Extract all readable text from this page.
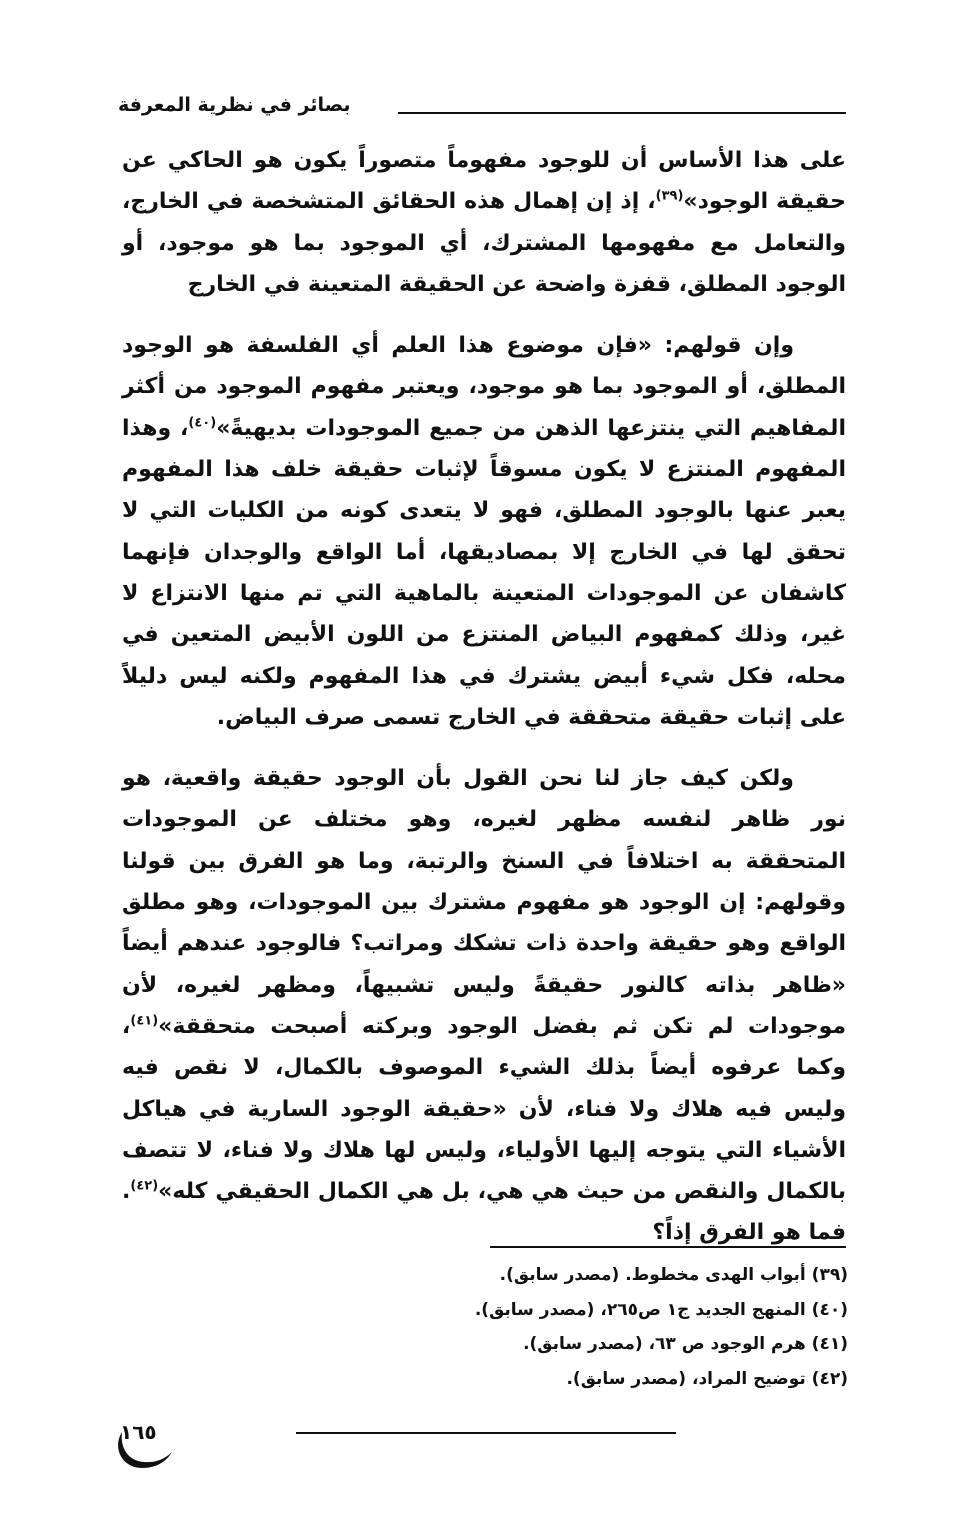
بصائر في نظرية المعرفة

على هذا الأساس أن للوجود مفهوماً متصوراً يكون هو الحاكي عن حقيقة الوجود»$^{(٣٩)}$، إذ إن إهمال هذه الحقائق المتشخصة في الخارج، والتعامل مع مفهومها المشترك، أي الموجود بما هو موجود، أو الوجود المطلق، قفزة واضحة عن الحقيقة المتعينة في الخارج

وإن قولهم: «فإن موضوع هذا العلم أي الفلسفة هو الوجود المطلق، أو الموجود بما هو موجود، ويعتبر مفهوم الموجود من أكثر المفاهيم التي ينتزعها الذهن من جميع الموجودات بديهيةً»$^{(٤٠)}$، وهذا المفهوم المنتزع لا يكون مسوقاً لإثبات حقيقة خلف هذا المفهوم يعبر عنها بالوجود المطلق، فهو لا يتعدى كونه من الكليات التي لا تحقق لها في الخارج إلا بمصاديقها، أما الواقع والوجدان فإنهما كاشفان عن الموجودات المتعينة بالماهية التي تم منها الانتزاع لا غير، وذلك كمفهوم البياض المنتزع من اللون الأبيض المتعين في محله، فكل شيء أبيض يشترك في هذا المفهوم ولكنه ليس دليلاً على إثبات حقيقة متحققة في الخارج تسمى صرف البياض.

ولكن كيف جاز لنا نحن القول بأن الوجود حقيقة واقعية، هو نور ظاهر لنفسه مظهر لغيره، وهو مختلف عن الموجودات المتحققة به اختلافاً في السنخ والرتبة، وما هو الفرق بين قولنا وقولهم: إن الوجود هو مفهوم مشترك بين الموجودات، وهو مطلق الواقع وهو حقيقة واحدة ذات تشكك ومراتب؟ فالوجود عندهم أيضاً «ظاهر بذاته كالنور حقيقةً وليس تشبيهاً، ومظهر لغيره، لأن موجودات لم تكن ثم بفضل الوجود وبركته أصبحت متحققة»$^{(٤١)}$، وكما عرفوه أيضاً بذلك الشيء الموصوف بالكمال، لا نقص فيه وليس فيه هلاك ولا فناء، لأن «حقيقة الوجود السارية في هياكل الأشياء التي يتوجه إليها الأولياء، وليس لها هلاك ولا فناء، لا تتصف بالكمال والنقص من حيث هي هي، بل هي الكمال الحقيقي كله»$^{(٤٢)}$. فما هو الفرق إذاً؟

(٣٩) أبواب الهدى مخطوط. (مصدر سابق).
(٤٠) المنهج الجديد ج١ ص٢٦٥، (مصدر سابق).
(٤١) هرم الوجود ص ٦٣، (مصدر سابق).
(٤٢) توضيح المراد، (مصدر سابق).
١٦٥
